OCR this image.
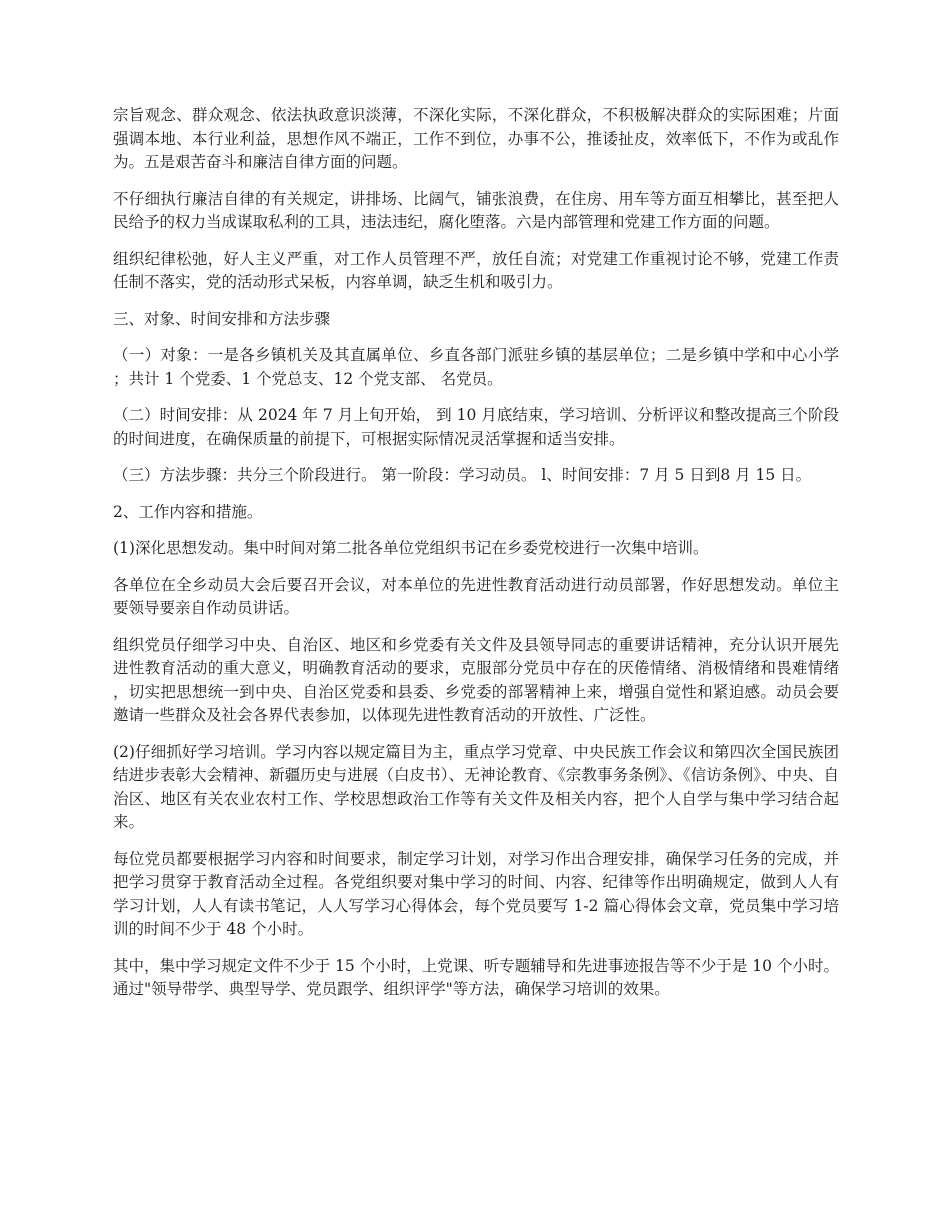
宗旨观念、群众观念、依法执政意识淡薄，不深化实际，不深化群众，不积极解决群众的实际困难；片面强调本地、本行业利益，思想作风不端正，工作不到位，办事不公，推诿扯皮，效率低下，不作为或乱作为。五是艰苦奋斗和廉洁自律方面的问题。

不仔细执行廉洁自律的有关规定，讲排场、比阔气，铺张浪费，在住房、用车等方面互相攀比，甚至把人民给予的权力当成谋取私利的工具，违法违纪，腐化堕落。六是内部管理和党建工作方面的问题。

组织纪律松弛，好人主义严重，对工作人员管理不严，放任自流；对党建工作重视讨论不够，党建工作责任制不落实，党的活动形式呆板，内容单调，缺乏生机和吸引力。

三、对象、时间安排和方法步骤

（一）对象：一是各乡镇机关及其直属单位、乡直各部门派驻乡镇的基层单位；二是乡镇中学和中心小学；共计 1 个党委、1 个党总支、12 个党支部、 名党员。

（二）时间安排：从 2024 年 7 月上旬开始， 到 10 月底结束，学习培训、分析评议和整改提高三个阶段的时间进度，在确保质量的前提下，可根据实际情况灵活掌握和适当安排。

（三）方法步骤：共分三个阶段进行。 第一阶段：学习动员。 l、时间安排：7 月 5 日到8 月 15 日。

2、工作内容和措施。

(1)深化思想发动。集中时间对第二批各单位党组织书记在乡委党校进行一次集中培训。

各单位在全乡动员大会后要召开会议，对本单位的先进性教育活动进行动员部署，作好思想发动。单位主要领导要亲自作动员讲话。

组织党员仔细学习中央、自治区、地区和乡党委有关文件及县领导同志的重要讲话精神，充分认识开展先进性教育活动的重大意义，明确教育活动的要求，克服部分党员中存在的厌倦情绪、消极情绪和畏难情绪，切实把思想统一到中央、自治区党委和县委、乡党委的部署精神上来，增强自觉性和紧迫感。动员会要邀请一些群众及社会各界代表参加，以体现先进性教育活动的开放性、广泛性。

(2)仔细抓好学习培训。学习内容以规定篇目为主，重点学习党章、中央民族工作会议和第四次全国民族团结进步表彰大会精神、新疆历史与进展（白皮书）、无神论教育、《宗教事务条例》、《信访条例》、中央、自治区、地区有关农业农村工作、学校思想政治工作等有关文件及相关内容，把个人自学与集中学习结合起来。

每位党员都要根据学习内容和时间要求，制定学习计划，对学习作出合理安排，确保学习任务的完成，并把学习贯穿于教育活动全过程。各党组织要对集中学习的时间、内容、纪律等作出明确规定，做到人人有学习计划，人人有读书笔记，人人写学习心得体会，每个党员要写 1-2 篇心得体会文章，党员集中学习培训的时间不少于 48 个小时。

其中，集中学习规定文件不少于 15 个小时，上党课、听专题辅导和先进事迹报告等不少于是 10 个小时。通过"领导带学、典型导学、党员跟学、组织评学"等方法，确保学习培训的效果。
